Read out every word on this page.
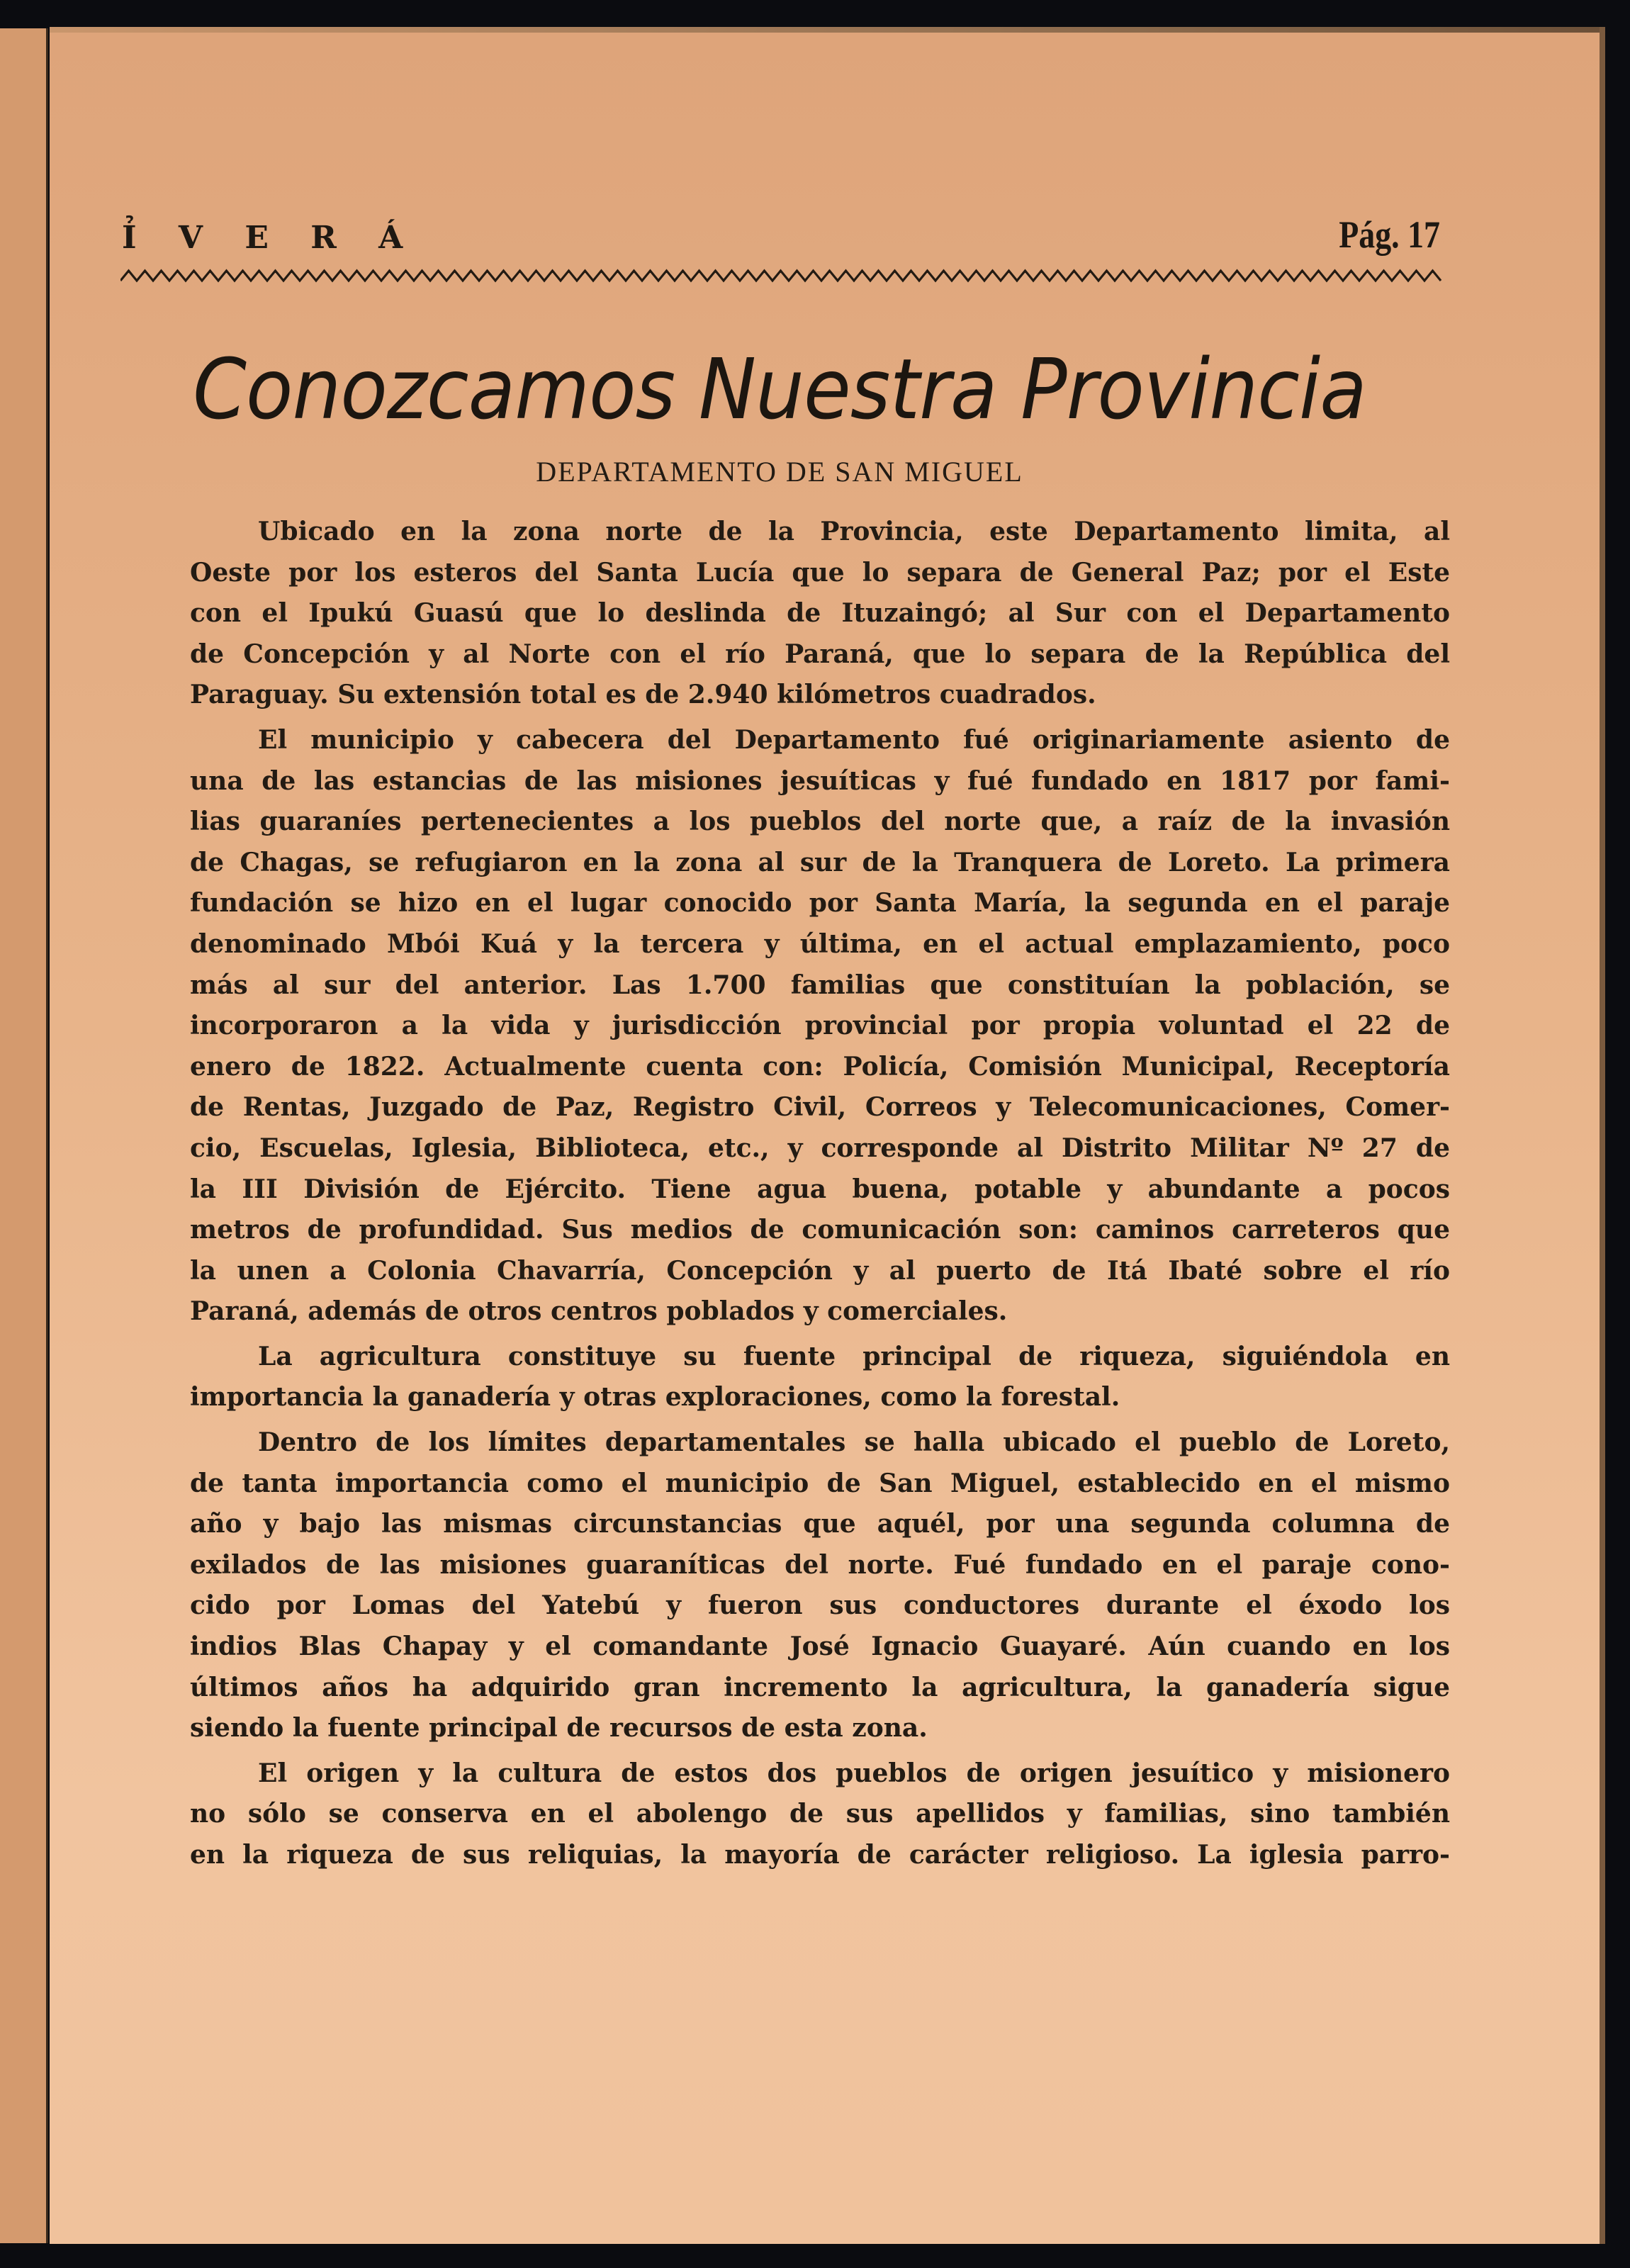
Ỉ V E R Á	Pág. 17
Conozcamos Nuestra Provincia
DEPARTAMENTO DE SAN MIGUEL
Ubicado en la zona norte de la Provincia, este Departamento limita, al
Oeste por los esteros del Santa Lucía que lo separa de General Paz; por el Este
con el Ipukú Guasú que lo deslinda de Ituzaingó; al Sur con el Departamento
de Concepción y al Norte con el río Paraná, que lo separa de la República del
Paraguay. Su extensión total es de 2.940 kilómetros cuadrados.
El municipio y cabecera del Departamento fué originariamente asiento de
una de las estancias de las misiones jesuíticas y fué fundado en 1817 por fami-
lias guaraníes pertenecientes a los pueblos del norte que, a raíz de la invasión
de Chagas, se refugiaron en la zona al sur de la Tranquera de Loreto. La primera
fundación se hizo en el lugar conocido por Santa María, la segunda en el paraje
denominado Mbói Kuá y la tercera y última, en el actual emplazamiento, poco
más al sur del anterior. Las 1.700 familias que constituían la población, se
incorporaron a la vida y jurisdicción provincial por propia voluntad el 22 de
enero de 1822. Actualmente cuenta con: Policía, Comisión Municipal, Receptoría
de Rentas, Juzgado de Paz, Registro Civil, Correos y Telecomunicaciones, Comer-
cio, Escuelas, Iglesia, Biblioteca, etc., y corresponde al Distrito Militar Nº 27 de
la III División de Ejército. Tiene agua buena, potable y abundante a pocos
metros de profundidad. Sus medios de comunicación son: caminos carreteros que
la unen a Colonia Chavarría, Concepción y al puerto de Itá Ibaté sobre el río
Paraná, además de otros centros poblados y comerciales.
La agricultura constituye su fuente principal de riqueza, siguiéndola en
importancia la ganadería y otras exploraciones, como la forestal.
Dentro de los límites departamentales se halla ubicado el pueblo de Loreto,
de tanta importancia como el municipio de San Miguel, establecido en el mismo
año y bajo las mismas circunstancias que aquél, por una segunda columna de
exilados de las misiones guaraníticas del norte. Fué fundado en el paraje cono-
cido por Lomas del Yatebú y fueron sus conductores durante el éxodo los
indios Blas Chapay y el comandante José Ignacio Guayaré. Aún cuando en los
últimos años ha adquirido gran incremento la agricultura, la ganadería sigue
siendo la fuente principal de recursos de esta zona.
El origen y la cultura de estos dos pueblos de origen jesuítico y misionero
no sólo se conserva en el abolengo de sus apellidos y familias, sino también
en la riqueza de sus reliquias, la mayoría de carácter religioso. La iglesia parro-
